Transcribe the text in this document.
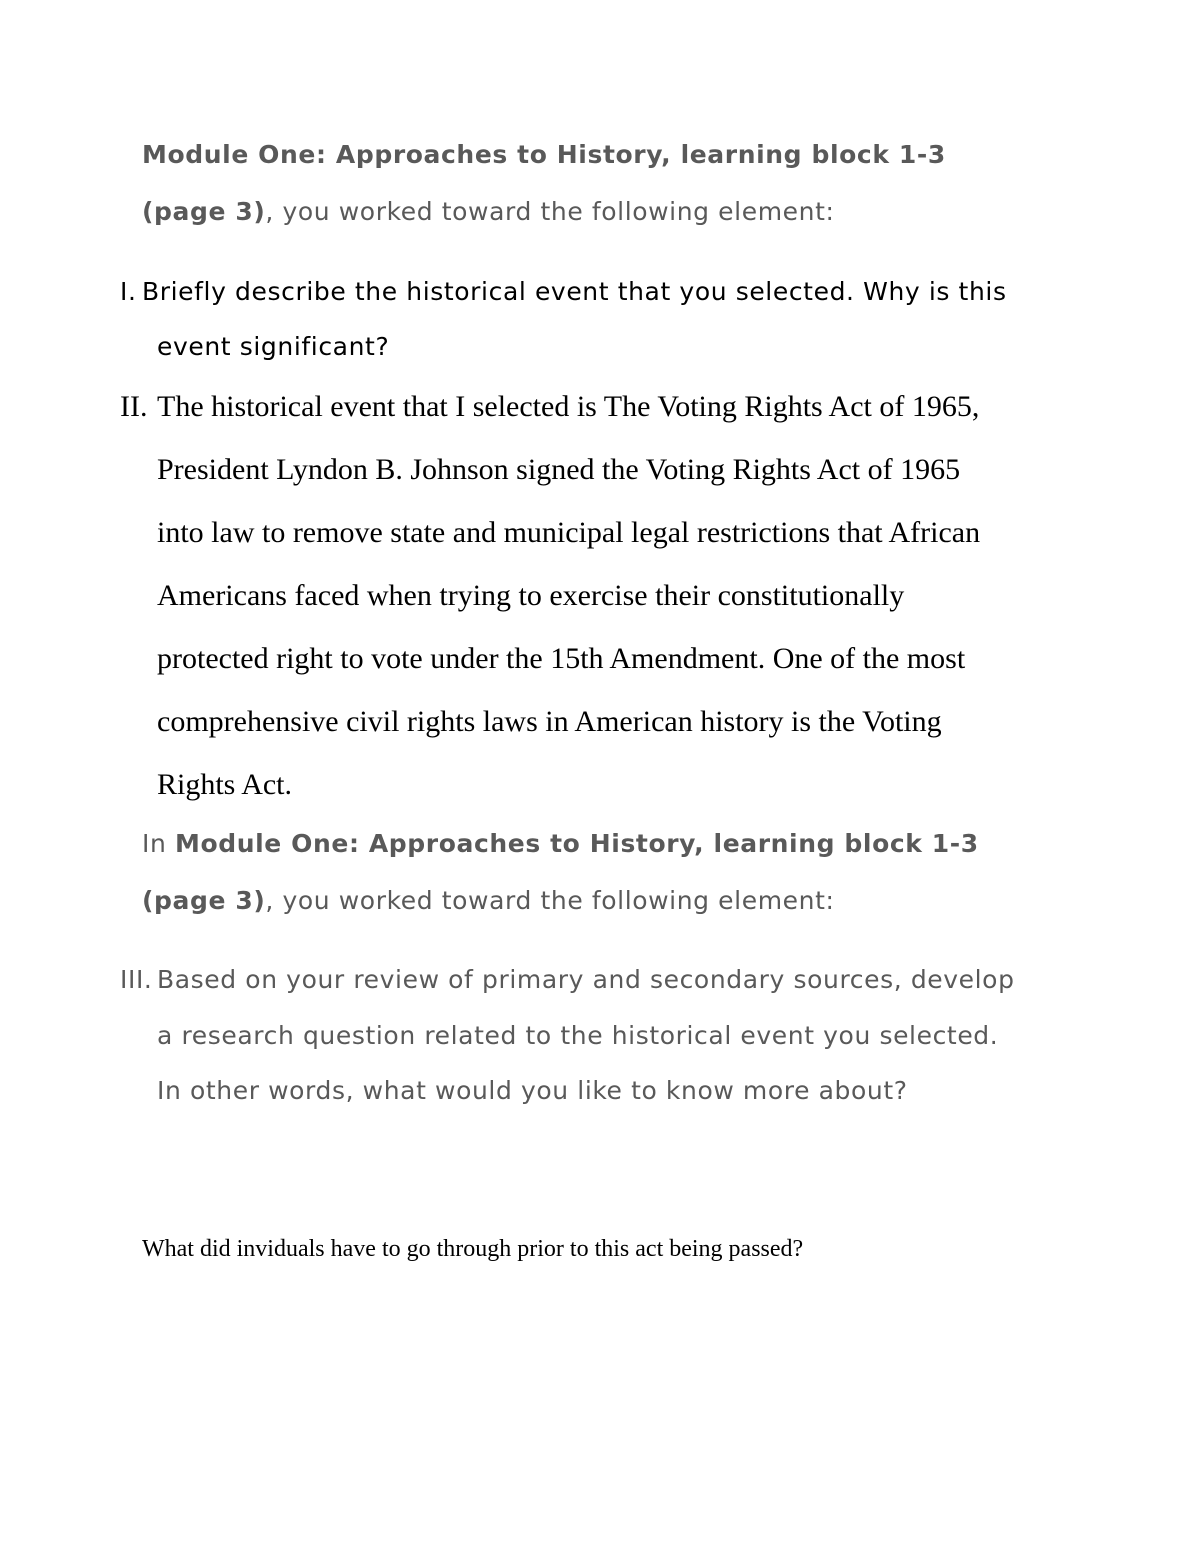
Module One: Approaches to History, learning block 1-3
(page 3), you worked toward the following element:
I. Briefly describe the historical event that you selected. Why is this
event significant?
II. The historical event that I selected is The Voting Rights Act of 1965,
President Lyndon B. Johnson signed the Voting Rights Act of 1965
into law to remove state and municipal legal restrictions that African
Americans faced when trying to exercise their constitutionally
protected right to vote under the 15th Amendment. One of the most
comprehensive civil rights laws in American history is the Voting
Rights Act.
In Module One: Approaches to History, learning block 1-3
(page 3), you worked toward the following element:
III. Based on your review of primary and secondary sources, develop
a research question related to the historical event you selected.
In other words, what would you like to know more about?
What did inviduals have to go through prior to this act being passed?
